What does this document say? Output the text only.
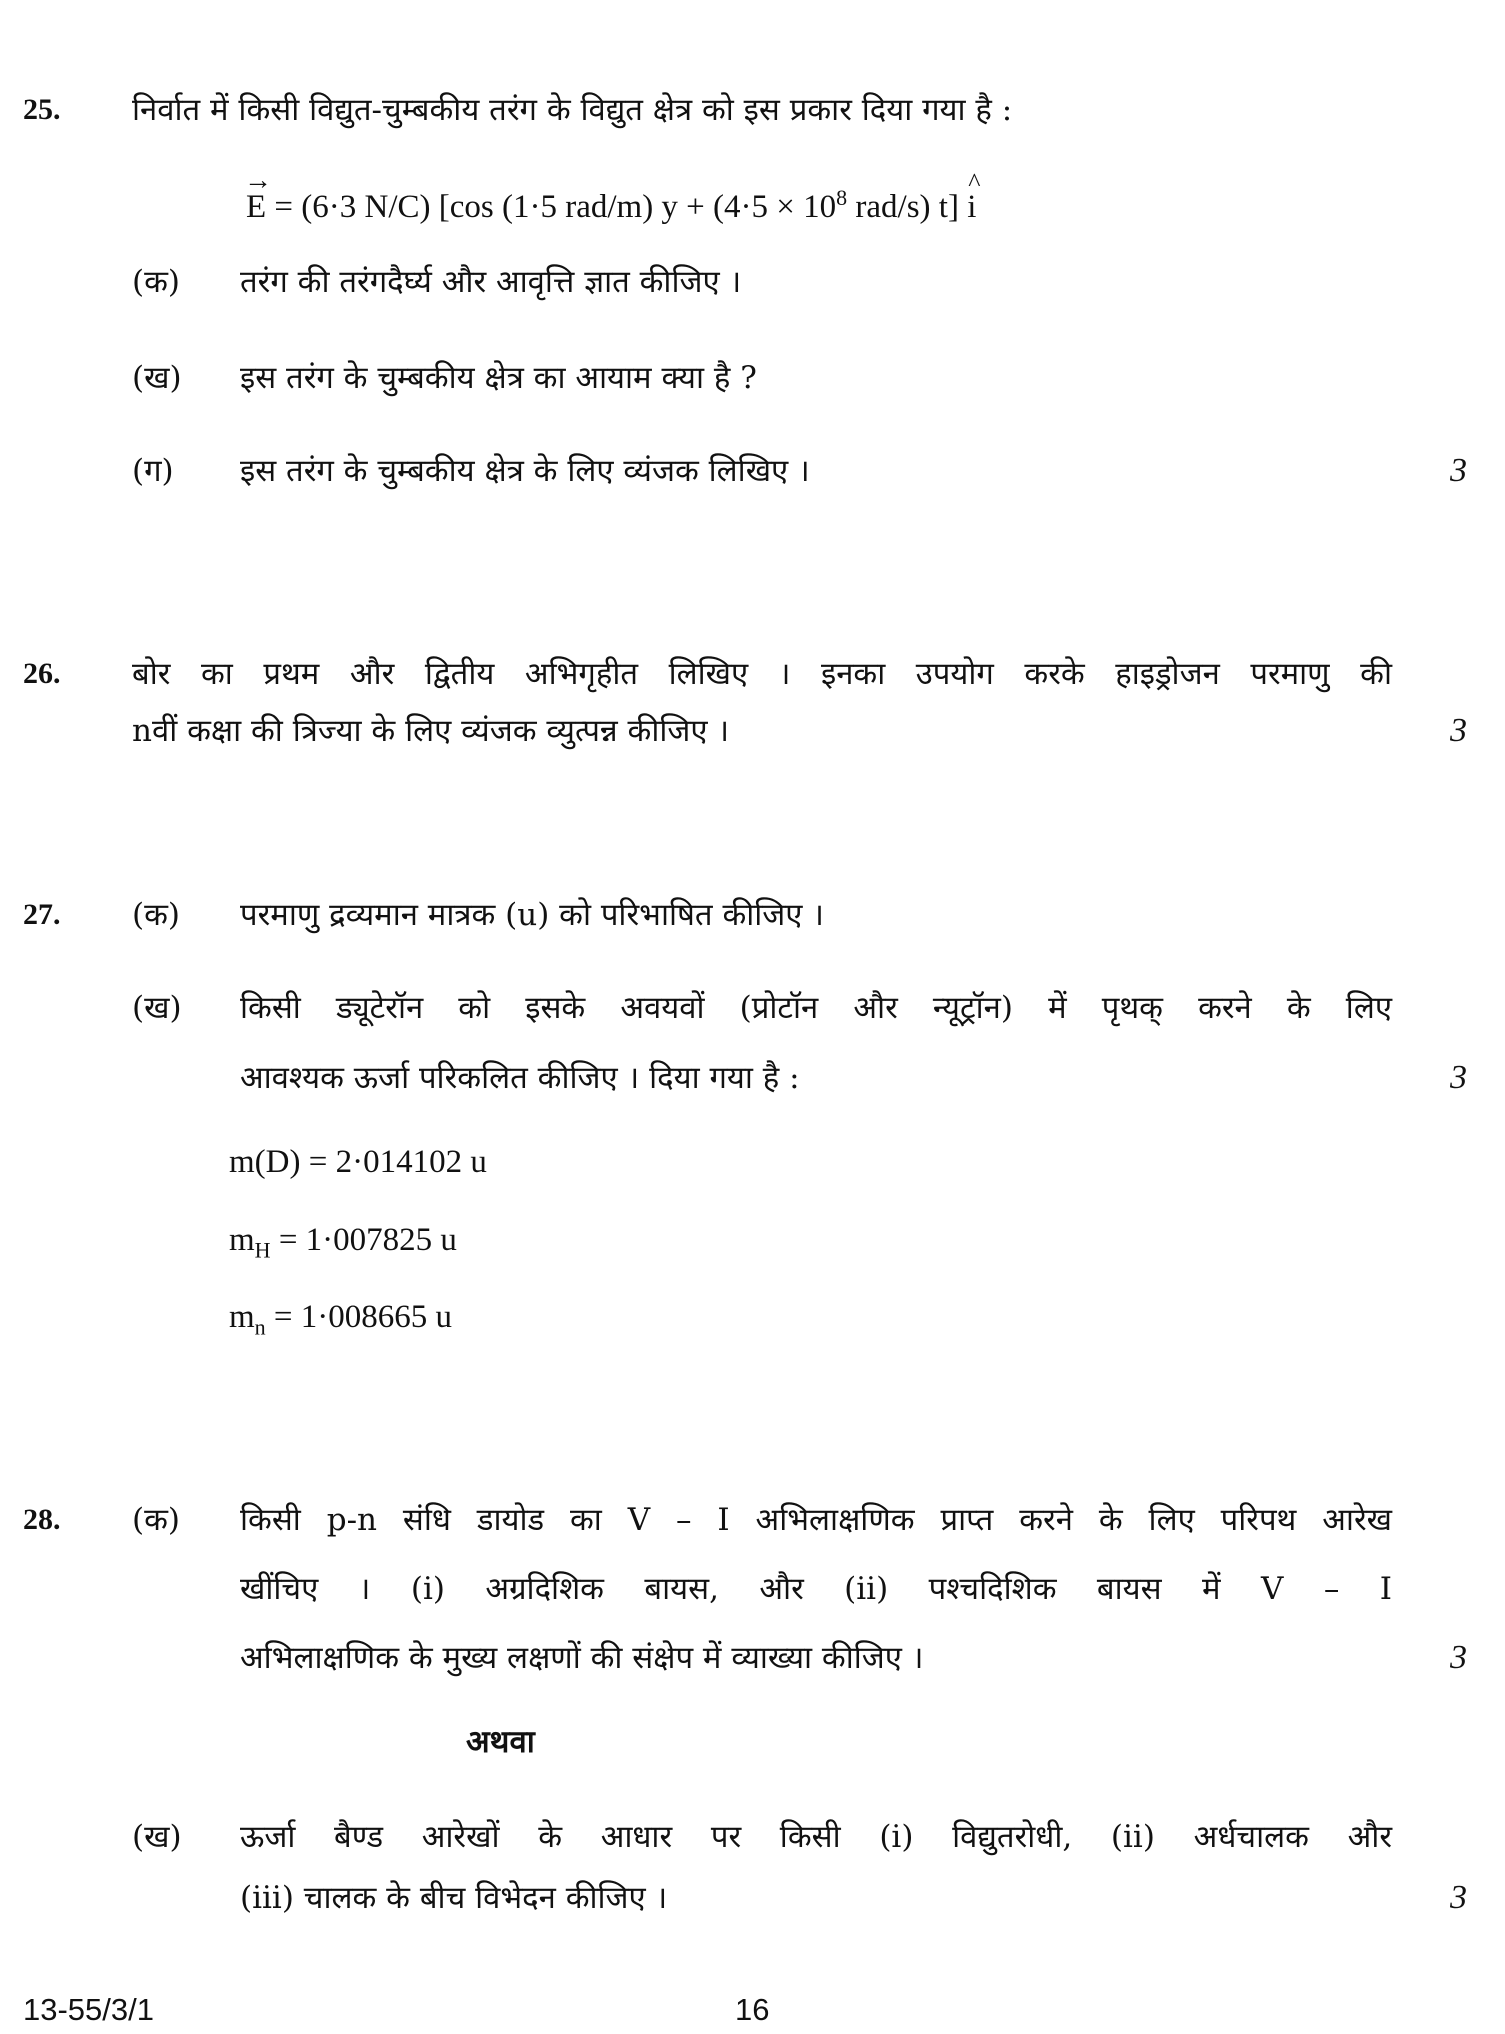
25. निर्वात में किसी विद्युत-चुम्बकीय तरंग के विद्युत क्षेत्र को इस प्रकार दिया गया है :
→ E = (6·3 N/C) [cos (1·5 rad/m) $y + (4\cdot 5 \times 10^8$ rad/s) t] ^ i
(क) तरंग की तरंगदैर्घ्य और आवृत्ति ज्ञात कीजिए ।
(ख) इस तरंग के चुम्बकीय क्षेत्र का आयाम क्या है ?
(ग) इस तरंग के चुम्बकीय क्षेत्र के लिए व्यंजक लिखिए ।	3
26. बोर का प्रथम और द्वितीय अभिगृहीत लिखिए । इनका उपयोग करके हाइड्रोजन परमाणु की
nवीं कक्षा की त्रिज्या के लिए व्यंजक व्युत्पन्न कीजिए ।	3
27. (क) परमाणु द्रव्यमान मात्रक (u) को परिभाषित कीजिए ।
(ख) किसी ड्यूटेरॉन को इसके अवयवों (प्रोटॉन और न्यूट्रॉन) में पृथक् करने के लिए
आवश्यक ऊर्जा परिकलित कीजिए । दिया गया है :	3
m(D) = 2·014102 u
$m_H = 1\cdot 007825$ u
$m_n = 1\cdot 008665$ u
28. (क) किसी p-n संधि डायोड का V – I अभिलाक्षणिक प्राप्त करने के लिए परिपथ आरेख
खींचिए । (i) अग्रदिशिक बायस, और (ii) पश्चदिशिक बायस में V – I
अभिलाक्षणिक के मुख्य लक्षणों की संक्षेप में व्याख्या कीजिए ।	3
अथवा
(ख) ऊर्जा बैण्ड आरेखों के आधार पर किसी (i) विद्युतरोधी, (ii) अर्धचालक और
(iii) चालक के बीच विभेदन कीजिए ।	3
13-55/3/1	16
